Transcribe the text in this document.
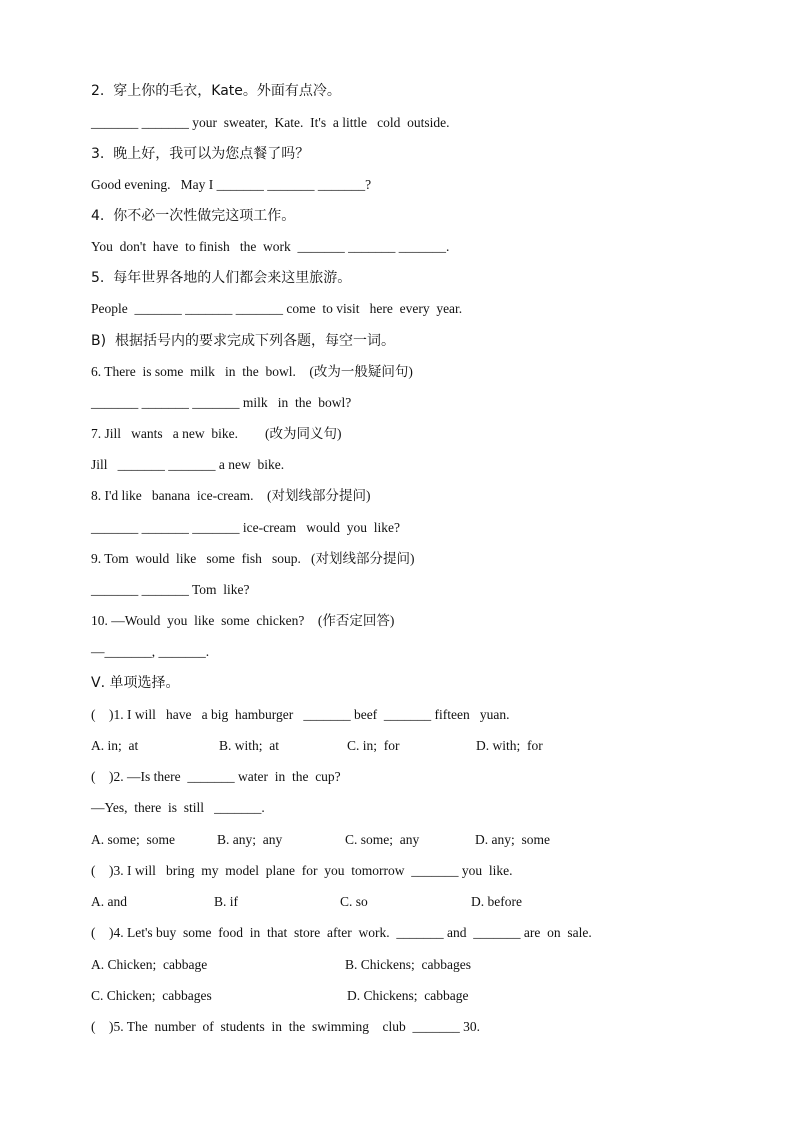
2.  穿上你的毛衣，Kate。外面有点冷。
_______ _______ your  sweater,  Kate.  It's  a little   cold  outside.
3.  晚上好，我可以为您点餐了吗？
Good evening.   May I _______ _______ _______?
4.  你不必一次性做完这项工作。
You  don't  have  to finish   the  work  _______ _______ _______.
5.  每年世界各地的人们都会来这里旅游。
People  _______ _______ _______ come  to visit   here  every  year.
B)  根据括号内的要求完成下列各题，每空一词。
6. There  is some  milk   in  the  bowl.    (改为一般疑问句)
_______ _______ _______ milk   in  the  bowl?
7. Jill   wants   a new  bike.        (改为同义句)
Jill   _______ _______ a new  bike.
8. I'd like   banana  ice-cream.    (对划线部分提问)
_______ _______ _______ ice-cream   would  you  like?
9. Tom  would  like   some  fish   soup.   (对划线部分提问)
_______ _______ Tom  like?
10. —Would  you  like  some  chicken?    (作否定回答)
—_______, _______.
Ⅴ. 单项选择。
(    )1. I will   have   a big  hamburger   _______ beef  _______ fifteen   yuan.
A. in;  at	B. with;  at	C. in;  for	D. with;  for
(    )2. —Is there  _______ water  in  the  cup?
—Yes,  there  is  still   _______.
A. some;  some	B. any;  any	C. some;  any	D. any;  some
(    )3. I will   bring  my  model  plane  for  you  tomorrow  _______ you  like.
A. and	B. if	C. so	D. before
(    )4. Let's buy  some  food  in  that  store  after  work.  _______ and  _______ are  on  sale.
A. Chicken;  cabbage	B. Chickens;  cabbages
C. Chicken;  cabbages	D. Chickens;  cabbage
(    )5. The  number  of  students  in  the  swimming    club  _______ 30.
